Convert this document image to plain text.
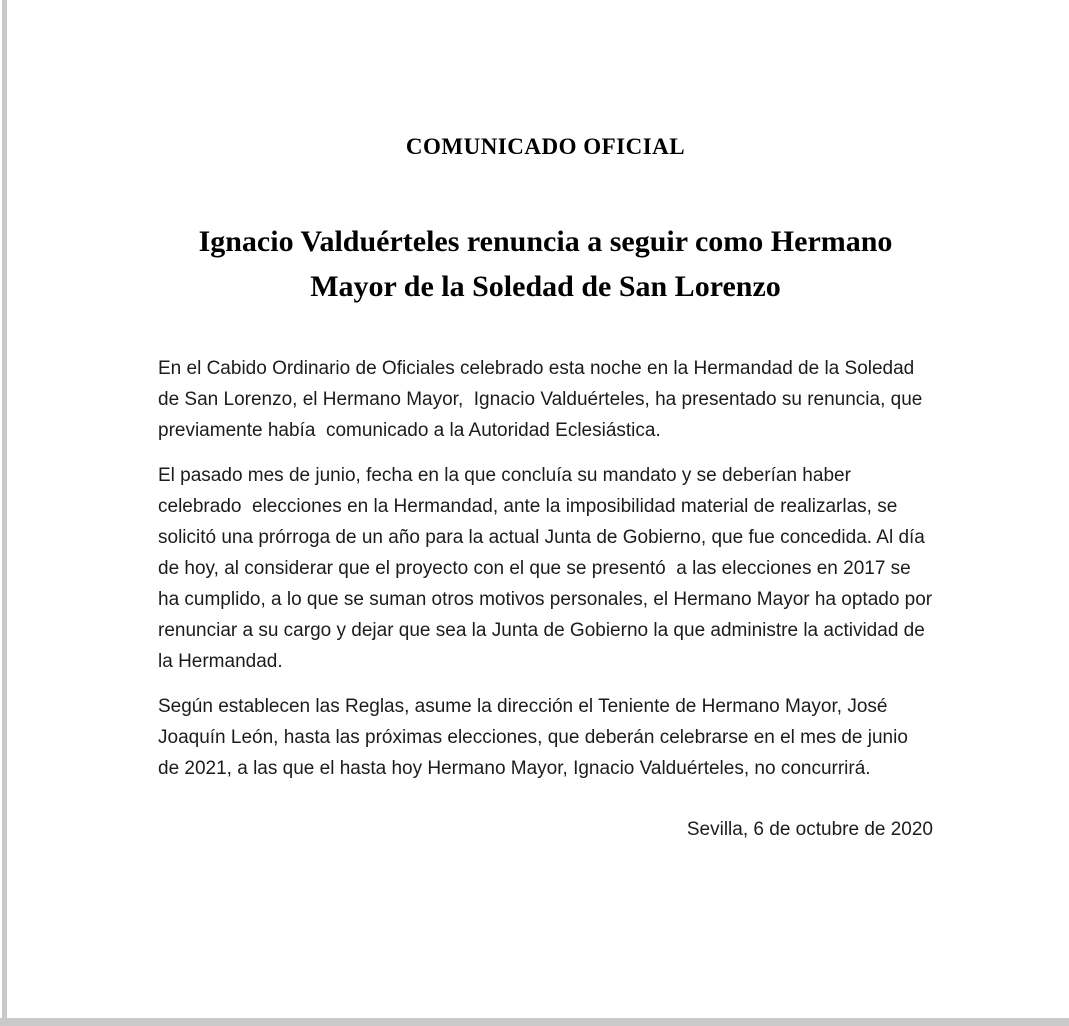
COMUNICADO OFICIAL
Ignacio Valduérteles renuncia a seguir como Hermano
Mayor de la Soledad de San Lorenzo

En el Cabido Ordinario de Oficiales celebrado esta noche en la Hermandad de la Soledad de San Lorenzo, el Hermano Mayor,  Ignacio Valduérteles, ha presentado su renuncia, que previamente había  comunicado a la Autoridad Eclesiástica.

El pasado mes de junio, fecha en la que concluía su mandato y se deberían haber celebrado  elecciones en la Hermandad, ante la imposibilidad material de realizarlas, se solicitó una prórroga de un año para la actual Junta de Gobierno, que fue concedida. Al día de hoy, al considerar que el proyecto con el que se presentó  a las elecciones en 2017 se ha cumplido, a lo que se suman otros motivos personales, el Hermano Mayor ha optado por renunciar a su cargo y dejar que sea la Junta de Gobierno la que administre la actividad de la Hermandad.

Según establecen las Reglas, asume la dirección el Teniente de Hermano Mayor, José Joaquín León, hasta las próximas elecciones, que deberán celebrarse en el mes de junio de 2021, a las que el hasta hoy Hermano Mayor, Ignacio Valduérteles, no concurrirá.

Sevilla, 6 de octubre de 2020
